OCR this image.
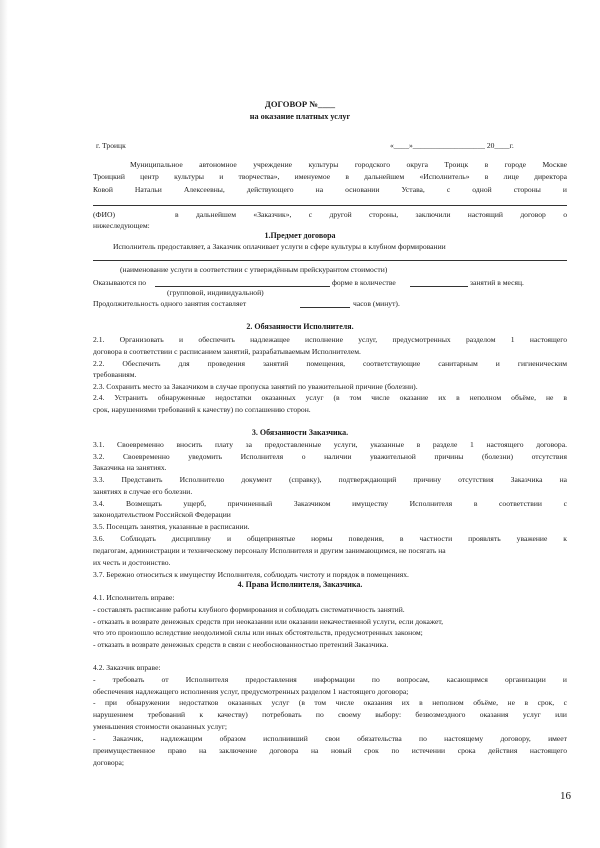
ДОГОВОР №____
на оказание платных услуг
г. Троицк	«____»___________________ 20____г.
Муниципальное автономное учреждение культуры городского округа Троицк в городе Москве
Троицкий центр культуры и творчества», именуемое в дальнейшем «Исполнитель» в лице директора
Ковой Натальи Алексеевны, действующего на основании Устава, с одной стороны и
(ФИО)	в дальнейшем «Заказчик», с другой стороны, заключили настоящий договор о
нижеследующем:
1.Предмет договора
Исполнитель предоставляет, а Заказчик оплачивает услуги в сфере культуры в клубном формировании
(наименование услуги в соответствии с утверждённым прейскурантом стоимости)
Оказываются по	форме в количестве	занятий в месяц.
(групповой, индивидуальной)
Продолжительность одного занятия составляет	часов (минут).
2. Обязанности Исполнителя.
2.1. Организовать и обеспечить надлежащее исполнение услуг, предусмотренных разделом 1 настоящего
договора в соответствии с расписанием занятий, разрабатываемым Исполнителем.
2.2. Обеспечить для проведения занятий помещения, соответствующие санитарным и гигиеническим
требованиям.
2.3. Сохранить место за Заказчиком в случае пропуска занятий по уважительной причине (болезни).
2.4. Устранить обнаруженные недостатки оказанных услуг (в том числе оказание их в неполном объёме, не в
срок, нарушениями требований к качеству) по соглашению сторон.
3. Обязанности Заказчика.
3.1. Своевременно вносить плату за предоставленные услуги, указанные в разделе 1 настоящего договора.
3.2. Своевременно уведомить Исполнителя о наличии уважительной причины (болезни) отсутствия
Заказчика на занятиях.
3.3. Представить Исполнителю документ (справку), подтверждающий причину отсутствия Заказчика на
занятиях в случае его болезни.
3.4. Возмещать ущерб, причиненный Заказчиком имуществу Исполнителя в соответствии с
законодательством Российской Федерации
3.5. Посещать занятия, указанные в расписании.
3.6. Соблюдать дисциплину и общепринятые нормы поведения, в частности проявлять уважение к
педагогам, администрации и техническому персоналу Исполнителя и другим занимающимся, не посягать на
их честь и достоинство.
3.7. Бережно относиться к имуществу Исполнителя, соблюдать чистоту и порядок в помещениях.
4. Права Исполнителя, Заказчика.
4.1. Исполнитель вправе:
- составлять расписание работы клубного формирования и соблюдать систематичность занятий.
- отказать в возврате денежных средств при неоказании или оказании некачественной услуги, если докажет,
что это произошло вследствие неодолимой силы или иных обстоятельств, предусмотренных законом;
- отказать в возврате денежных средств в связи с необоснованностью претензий Заказчика.
4.2. Заказчик вправе:
- требовать от Исполнителя предоставления информации по вопросам, касающимся организации и
обеспечения надлежащего исполнения услуг, предусмотренных разделом 1 настоящего договора;
- при обнаружении недостатков оказанных услуг (в том числе оказания их в неполном объёме, не в срок, с
нарушением требований к качеству) потребовать по своему выбору: безвозмездного оказания услуг или
уменьшения стоимости оказанных услуг;
- Заказчик, надлежащим образом исполнивший свои обязательства по настоящему договору, имеет
преимущественное право на заключение договора на новый срок по истечении срока действия настоящего
договора;
16
